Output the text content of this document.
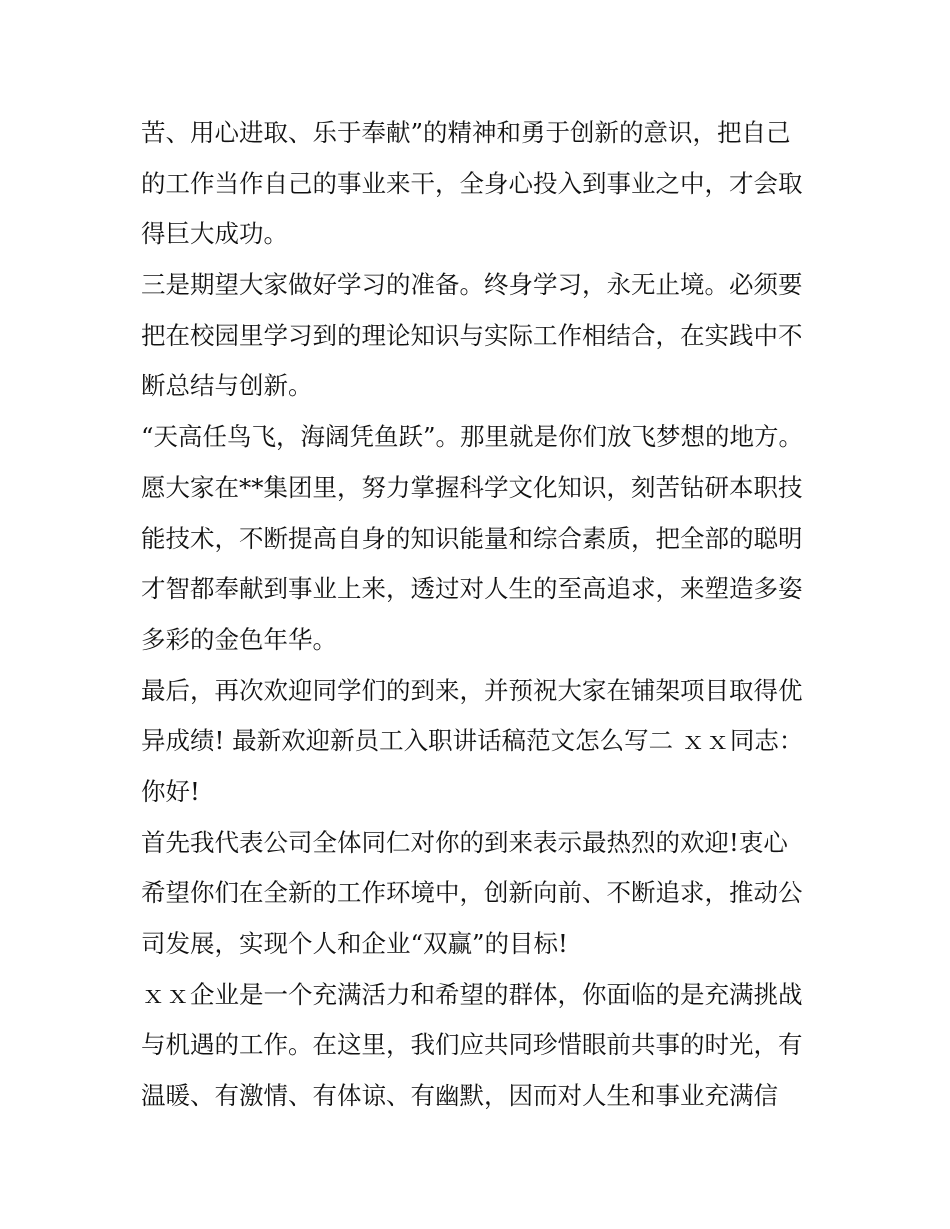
苦、用心进取、乐于奉献”的精神和勇于创新的意识，把自己
的工作当作自己的事业来干，全身心投入到事业之中，才会取
得巨大成功。
三是期望大家做好学习的准备。终身学习，永无止境。必须要
把在校园里学习到的理论知识与实际工作相结合，在实践中不
断总结与创新。
“天高任鸟飞，海阔凭鱼跃”。那里就是你们放飞梦想的地方。
愿大家在**集团里，努力掌握科学文化知识，刻苦钻研本职技
能技术，不断提高自身的知识能量和综合素质，把全部的聪明
才智都奉献到事业上来，透过对人生的至高追求，来塑造多姿
多彩的金色年华。
最后，再次欢迎同学们的到来，并预祝大家在铺架项目取得优
异成绩! 最新欢迎新员工入职讲话稿范文怎么写二 ｘｘ同志：
你好!
首先我代表公司全体同仁对你的到来表示最热烈的欢迎!衷心
希望你们在全新的工作环境中，创新向前、不断追求，推动公
司发展，实现个人和企业“双赢”的目标!
ｘｘ企业是一个充满活力和希望的群体，你面临的是充满挑战
与机遇的工作。在这里，我们应共同珍惜眼前共事的时光，有
温暖、有激情、有体谅、有幽默，因而对人生和事业充满信
